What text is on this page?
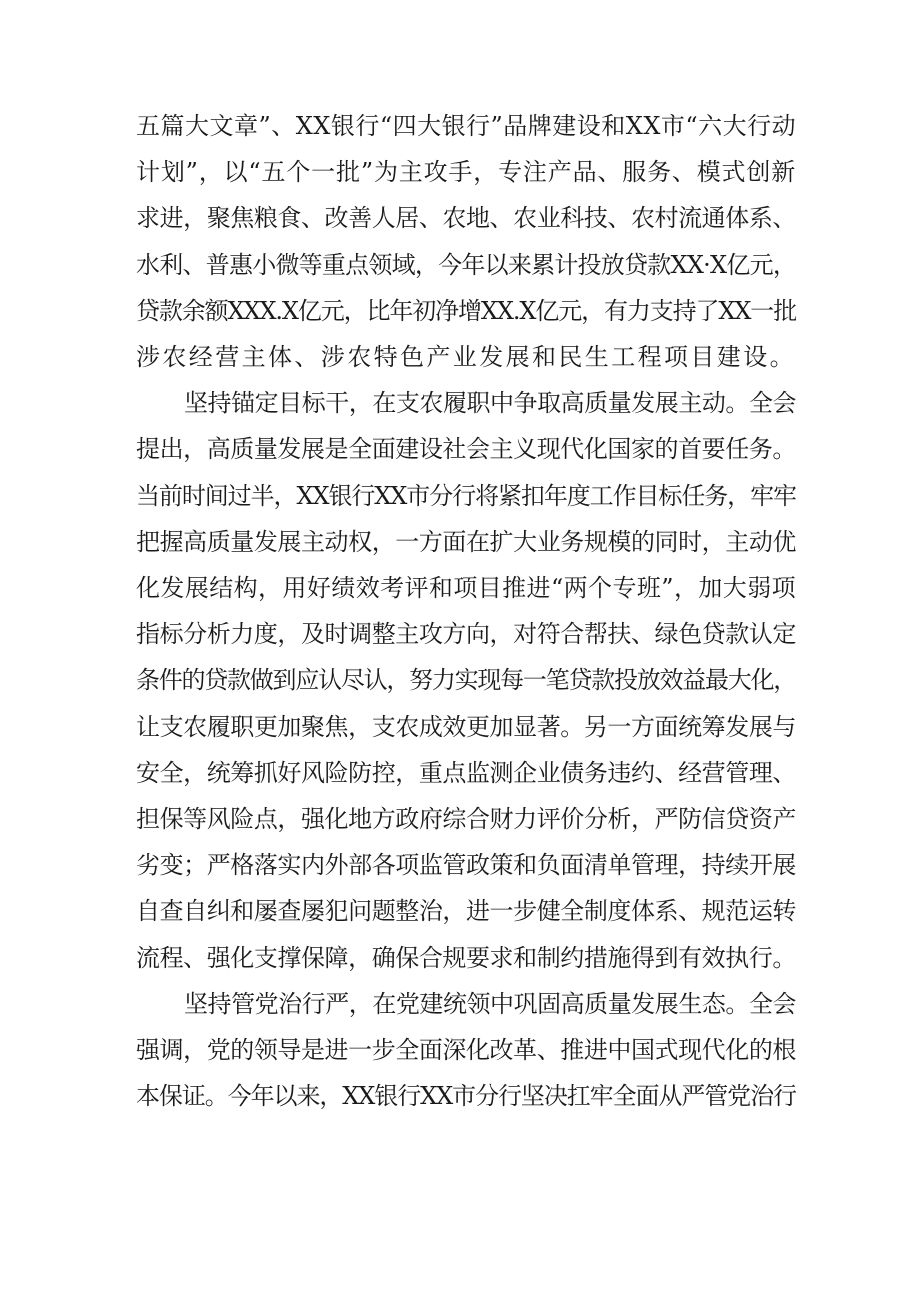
五篇大文章”、XX银行“四大银行”品牌建设和XX市“六大行动
计划”，以“五个一批”为主攻手，专注产品、服务、模式创新
求进，聚焦粮食、改善人居、农地、农业科技、农村流通体系、
水利、普惠小微等重点领域，今年以来累计投放贷款XX·X亿元，
贷款余额XXX.X亿元，比年初净增XX.X亿元，有力支持了XX一批
涉农经营主体、涉农特色产业发展和民生工程项目建设。
坚持锚定目标干，在支农履职中争取高质量发展主动。全会
提出，高质量发展是全面建设社会主义现代化国家的首要任务。
当前时间过半，XX银行XX市分行将紧扣年度工作目标任务，牢牢
把握高质量发展主动权，一方面在扩大业务规模的同时，主动优
化发展结构，用好绩效考评和项目推进“两个专班”，加大弱项
指标分析力度，及时调整主攻方向，对符合帮扶、绿色贷款认定
条件的贷款做到应认尽认，努力实现每一笔贷款投放效益最大化，
让支农履职更加聚焦，支农成效更加显著。另一方面统筹发展与
安全，统筹抓好风险防控，重点监测企业债务违约、经营管理、
担保等风险点，强化地方政府综合财力评价分析，严防信贷资产
劣变；严格落实内外部各项监管政策和负面清单管理，持续开展
自查自纠和屡查屡犯问题整治，进一步健全制度体系、规范运转
流程、强化支撑保障，确保合规要求和制约措施得到有效执行。
坚持管党治行严，在党建统领中巩固高质量发展生态。全会
强调，党的领导是进一步全面深化改革、推进中国式现代化的根
本保证。今年以来，XX银行XX市分行坚决扛牢全面从严管党治行
